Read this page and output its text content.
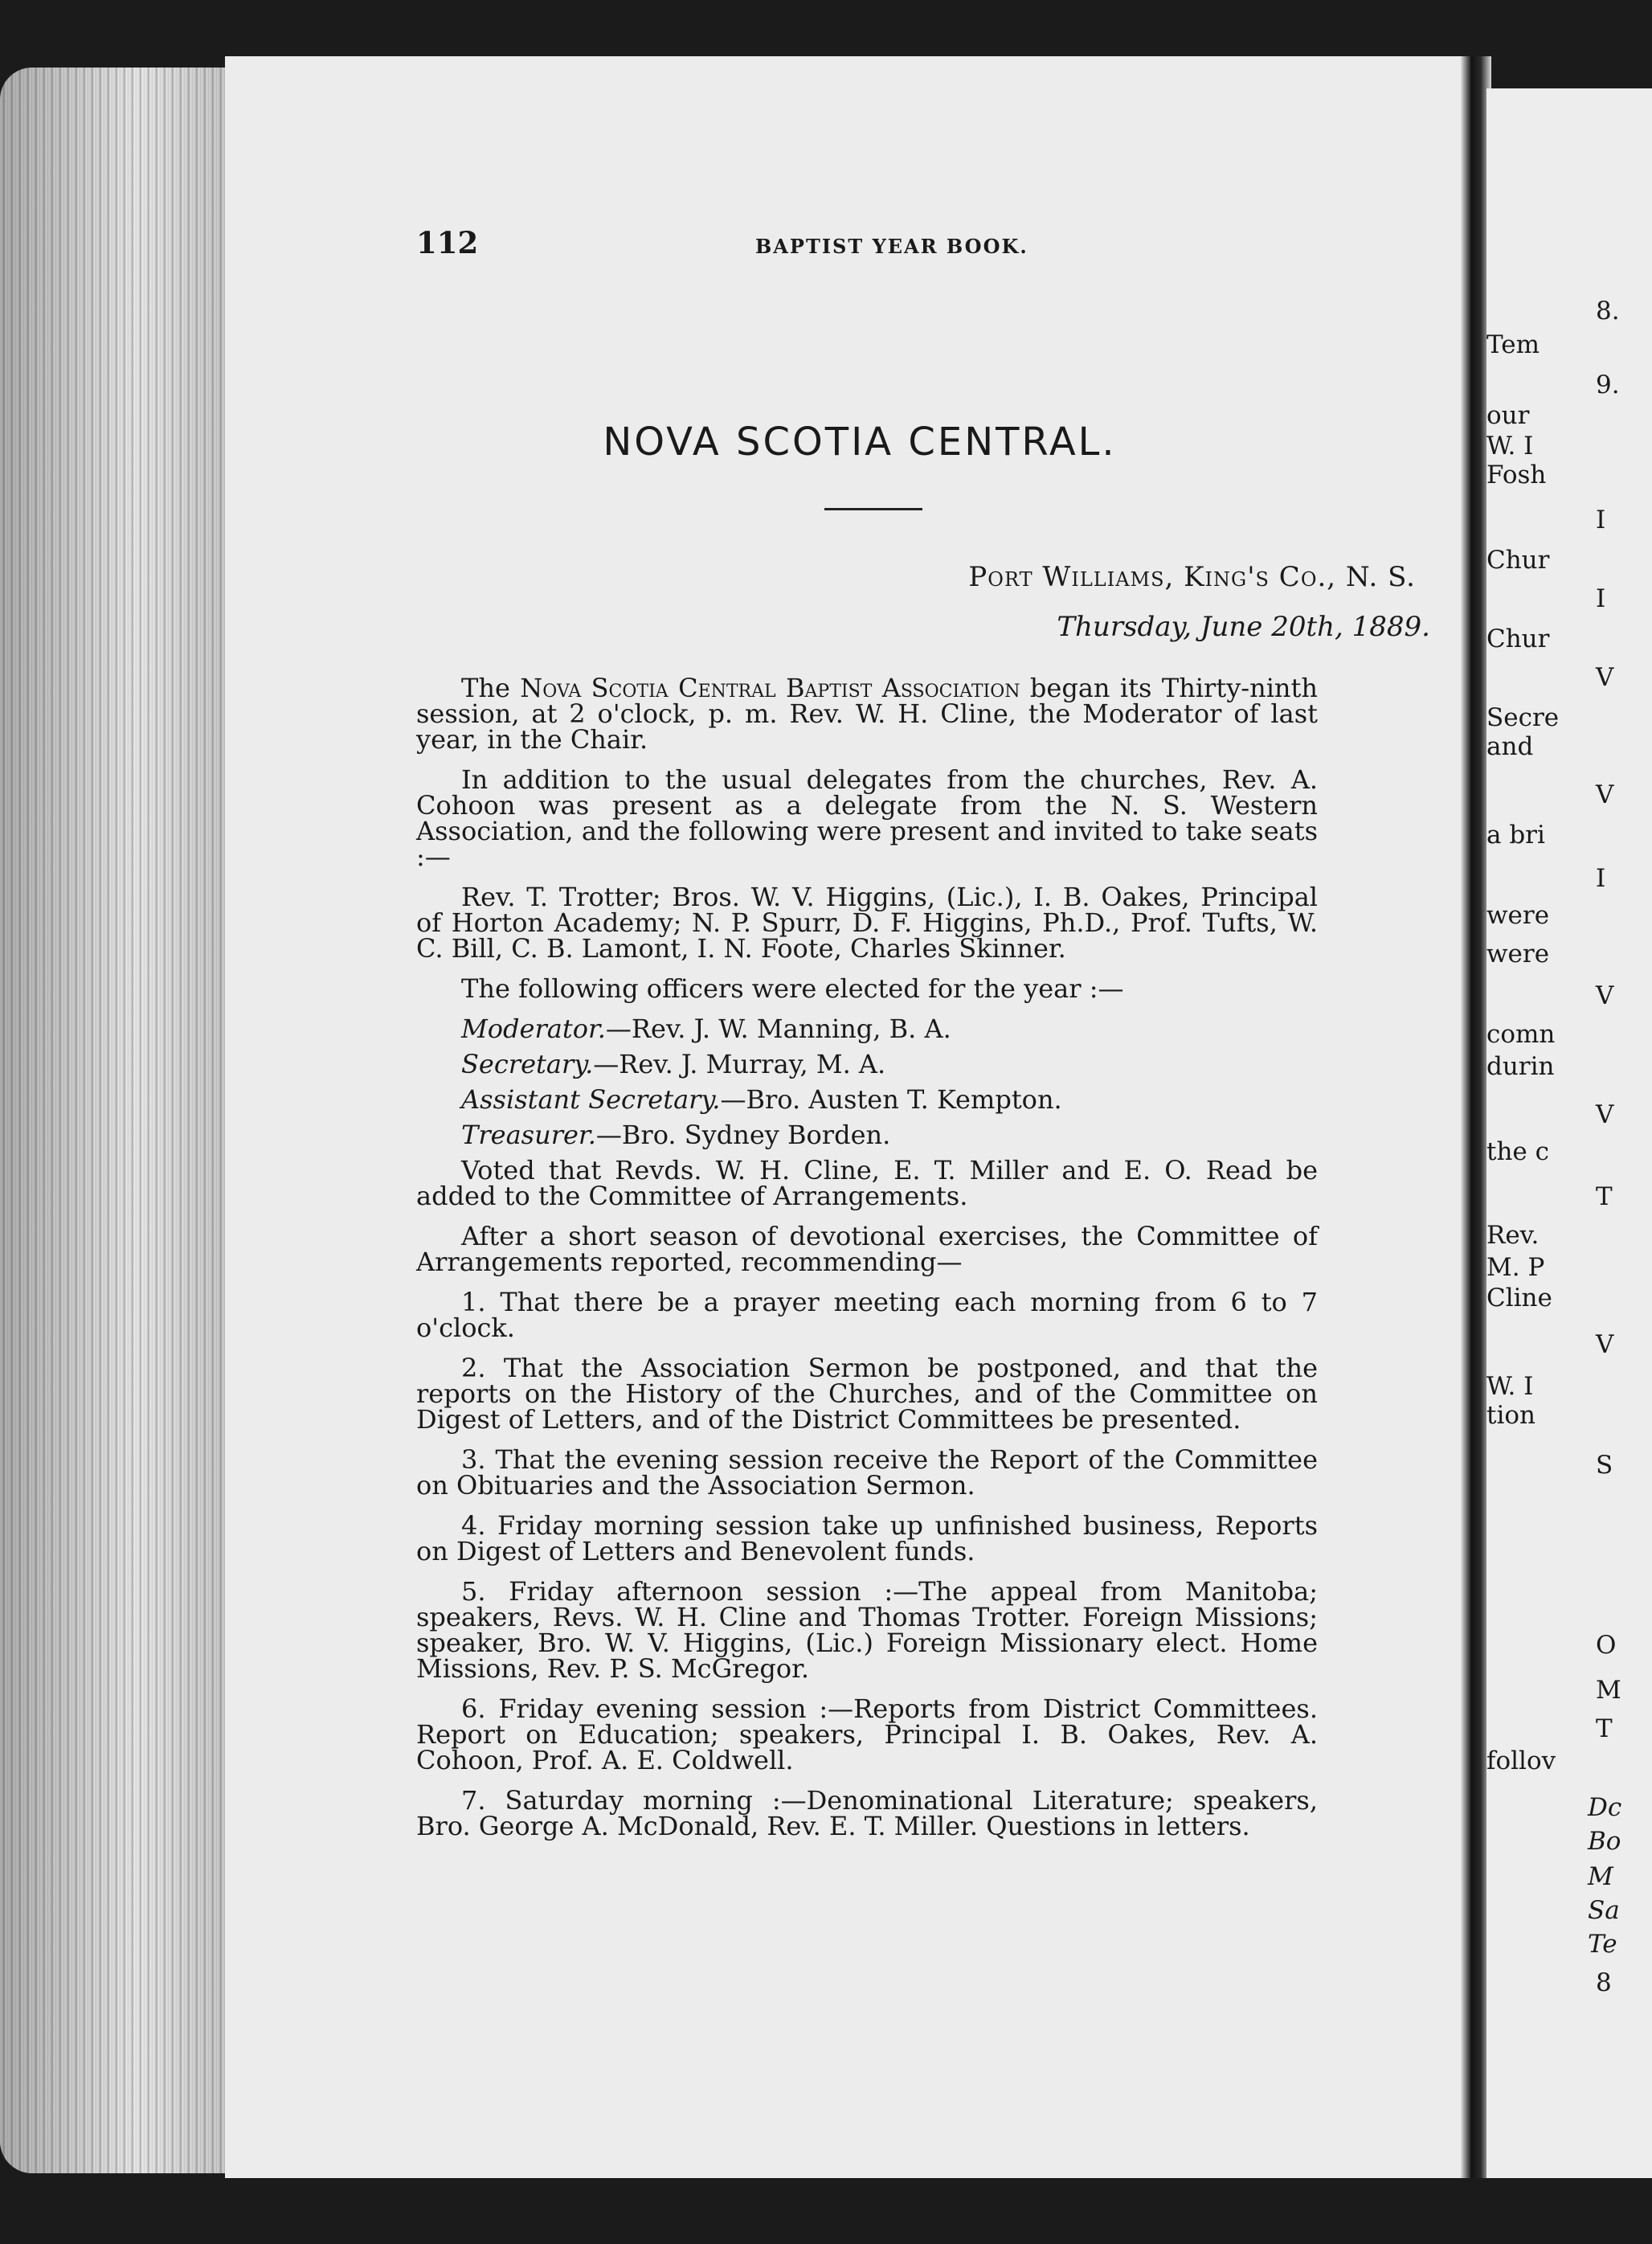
112	BAPTIST YEAR BOOK.
NOVA SCOTIA CENTRAL.
Port Williams, King's Co., N. S.
Thursday, June 20th, 1889.

The Nova Scotia Central Baptist Association began its Thirty-ninth session, at 2 o'clock, p. m. Rev. W. H. Cline, the Moderator of last year, in the Chair.

In addition to the usual delegates from the churches, Rev. A. Cohoon was present as a delegate from the N. S. Western Association, and the following were present and invited to take seats :—

Rev. T. Trotter; Bros. W. V. Higgins, (Lic.), I. B. Oakes, Principal of Horton Academy; N. P. Spurr, D. F. Higgins, Ph.D., Prof. Tufts, W. C. Bill, C. B. Lamont, I. N. Foote, Charles Skinner.

The following officers were elected for the year :—

Moderator.—Rev. J. W. Manning, B. A.

Secretary.—Rev. J. Murray, M. A.

Assistant Secretary.—Bro. Austen T. Kempton.

Treasurer.—Bro. Sydney Borden.

Voted that Revds. W. H. Cline, E. T. Miller and E. O. Read be added to the Committee of Arrangements.

After a short season of devotional exercises, the Committee of Arrangements reported, recommending—

1. That there be a prayer meeting each morning from 6 to 7 o'clock.

2. That the Association Sermon be postponed, and that the reports on the History of the Churches, and of the Committee on Digest of Letters, and of the District Committees be presented.

3. That the evening session receive the Report of the Committee on Obituaries and the Association Sermon.

4. Friday morning session take up unfinished business, Reports on Digest of Letters and Benevolent funds.

5. Friday afternoon session :—The appeal from Manitoba; speakers, Revs. W. H. Cline and Thomas Trotter. Foreign Missions; speaker, Bro. W. V. Higgins, (Lic.) Foreign Missionary elect. Home Missions, Rev. P. S. McGregor.

6. Friday evening session :—Reports from District Committees. Report on Education; speakers, Principal I. B. Oakes, Rev. A. Cohoon, Prof. A. E. Coldwell.

7. Saturday morning :—Denominational Literature; speakers, Bro. George A. McDonald, Rev. E. T. Miller. Questions in letters.

8.
Tem
9.
our
W. I
Fosh
I
Chur
I
Chur
V
Secre
and
V
a bri
I
were
were
V
comn
durin
V
the c
T
Rev.
M. P
Cline
V
W. I
tion
S
O
M
T
follov
Dc
Bo
M
Sa
Te
8
